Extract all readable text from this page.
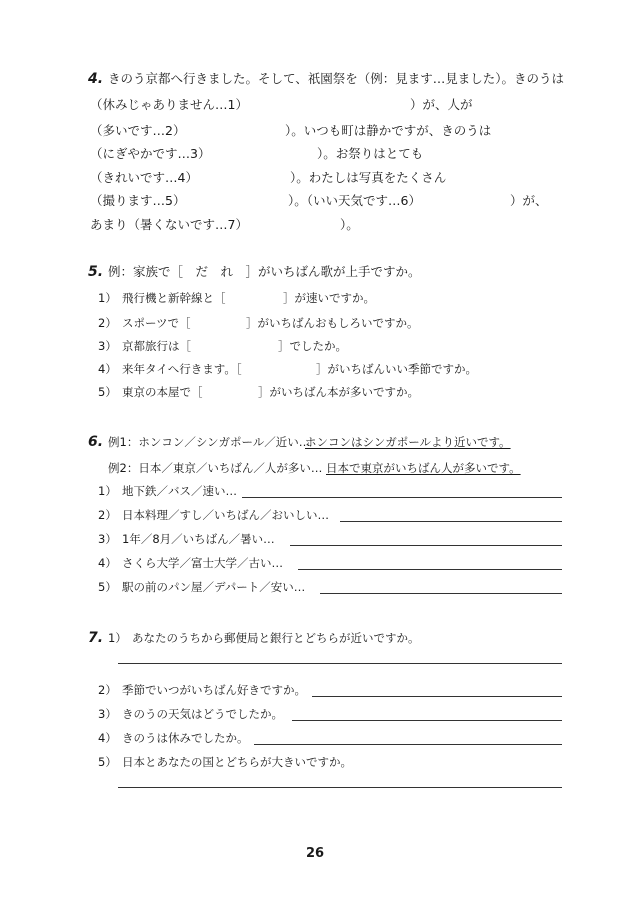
4. きのう京都へ行きました。そして、祇園祭を（例：見ます…見ました）。きのうは
（休みじゃありません…1）	）が、人が
（多いです…2）	）。いつも町は静かですが、きのうは
（にぎやかです…3）	）。お祭りはとても
（きれいです…4）	）。わたしは写真をたくさん
（撮ります…5）	）。（いい天気です…6）	）が、
あまり（暑くないです…7）	）。
5. 例：家族で［　だ　れ　］がいちばん歌が上手ですか。
1） 飛行機と新幹線と［	］が速いですか。
2） スポーツで［	］がいちばんおもしろいですか。
3） 京都旅行は［	］でしたか。
4） 来年タイへ行きます。［	］がいちばんいい季節ですか。
5） 東京の本屋で［	］がいちばん本が多いですか。
6. 例1：ホンコン／シンガポール／近い…
ホンコンはシンガポールより近いです。
例2：日本／東京／いちばん／人が多い… 日本で東京がいちばん人が多いです。
1） 地下鉄／バス／速い…
2） 日本料理／すし／いちばん／おいしい…
3） 1年／8月／いちばん／暑い…
4） さくら大学／富士大学／古い…
5） 駅の前のパン屋／デパート／安い…
7. 1） あなたのうちから郵便局と銀行とどちらが近いですか。
2） 季節でいつがいちばん好きですか。
3） きのうの天気はどうでしたか。
4） きのうは休みでしたか。
5） 日本とあなたの国とどちらが大きいですか。
26
